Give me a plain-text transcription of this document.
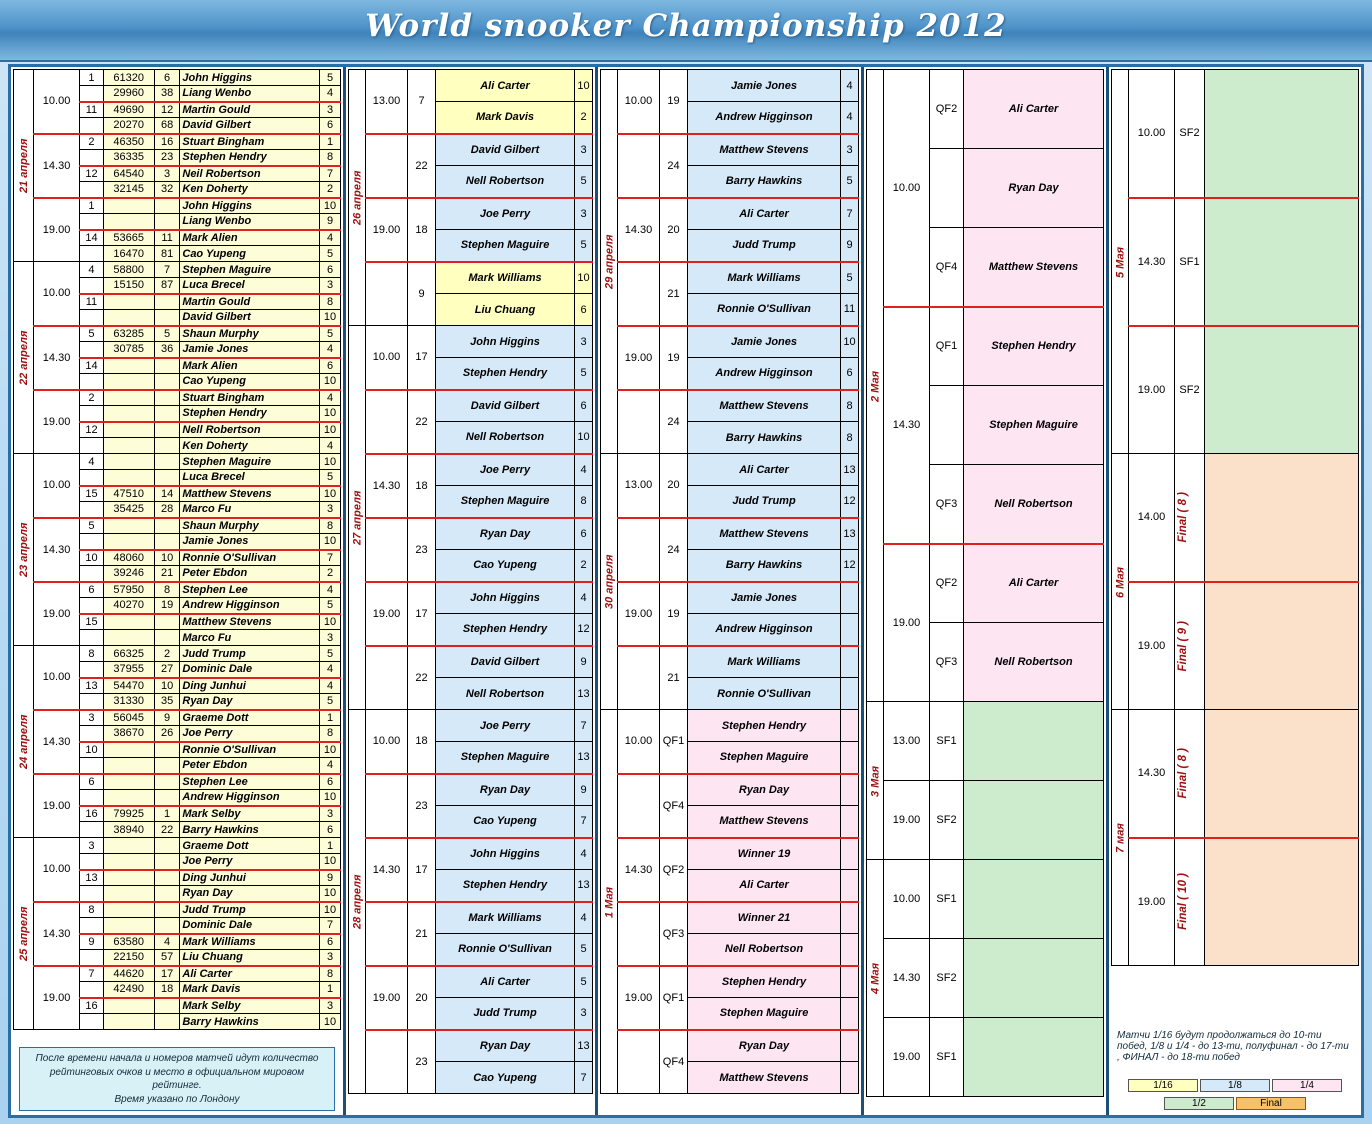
World snooker Championship 2012
21 апреля	10.00	1	61320	6	John Higgins	5
			29960	38	Liang Wenbo	4
		11	49690	12	Martin Gould	3
			20270	68	David Gilbert	6
	14.30	2	46350	16	Stuart Bingham	1
			36335	23	Stephen Hendry	8
		12	64540	3	Neil Robertson	7
			32145	32	Ken Doherty	2
	19.00	1			John Higgins	10
					Liang Wenbo	9
		14	53665	11	Mark Alien	4
			16470	81	Cao Yupeng	5
22 апреля	10.00	4	58800	7	Stephen Maguire	6
			15150	87	Luca Brecel	3
		11			Martin Gould	8
					David Gilbert	10
	14.30	5	63285	5	Shaun Murphy	5
			30785	36	Jamie Jones	4
		14			Mark Alien	6
					Cao Yupeng	10
	19.00	2			Stuart Bingham	4
					Stephen Hendry	10
		12			Nell Robertson	10
					Ken Doherty	4
23 апреля	10.00	4			Stephen Maguire	10
					Luca Brecel	5
		15	47510	14	Matthew Stevens	10
			35425	28	Marco Fu	3
	14.30	5			Shaun Murphy	8
					Jamie Jones	10
		10	48060	10	Ronnie O'Sullivan	7
			39246	21	Peter Ebdon	2
	19.00	6	57950	8	Stephen Lee	4
			40270	19	Andrew Higginson	5
		15			Matthew Stevens	10
					Marco Fu	3
24 апреля	10.00	8	66325	2	Judd Trump	5
			37955	27	Dominic Dale	4
		13	54470	10	Ding Junhui	4
			31330	35	Ryan Day	5
	14.30	3	56045	9	Graeme Dott	1
			38670	26	Joe Perry	8
		10			Ronnie O'Sullivan	10
					Peter Ebdon	4
	19.00	6			Stephen Lee	6
					Andrew Higginson	10
		16	79925	1	Mark Selby	3
			38940	22	Barry Hawkins	6
25 апреля	10.00	3			Graeme Dott	1
					Joe Perry	10
		13			Ding Junhui	9
					Ryan Day	10
	14.30	8			Judd Trump	10
					Dominic Dale	7
		9	63580	4	Mark Williams	6
			22150	57	Liu Chuang	3
	19.00	7	44620	17	Ali Carter	8
			42490	18	Mark Davis	1
		16			Mark Selby	3
					Barry Hawkins	10
После времени начала и номеров матчей идут количество рейтинговых очков и место в официальном мировом рейтинге.
Время указано по Лондону
26 апреля	13.00	7	Ali Carter	10
			Mark Davis	2
		22	David Gilbert	3
			Nell Robertson	5
	19.00	18	Joe Perry	3
			Stephen Maguire	5
		9	Mark Williams	10
			Liu Chuang	6
27 апреля	10.00	17	John Higgins	3
			Stephen Hendry	5
		22	David Gilbert	6
			Nell Robertson	10
	14.30	18	Joe Perry	4
			Stephen Maguire	8
		23	Ryan Day	6
			Cao Yupeng	2
	19.00	17	John Higgins	4
			Stephen Hendry	12
		22	David Gilbert	9
			Nell Robertson	13
28 апреля	10.00	18	Joe Perry	7
			Stephen Maguire	13
		23	Ryan Day	9
			Cao Yupeng	7
	14.30	17	John Higgins	4
			Stephen Hendry	13
		21	Mark Williams	4
			Ronnie O'Sullivan	5
	19.00	20	Ali Carter	5
			Judd Trump	3
		23	Ryan Day	13
			Cao Yupeng	7
29 апреля	10.00	19	Jamie Jones	4
			Andrew Higginson	4
		24	Matthew Stevens	3
			Barry Hawkins	5
	14.30	20	Ali Carter	7
			Judd Trump	9
		21	Mark Williams	5
			Ronnie O'Sullivan	11
	19.00	19	Jamie Jones	10
			Andrew Higginson	6
		24	Matthew Stevens	8
			Barry Hawkins	8
30 апреля	13.00	20	Ali Carter	13
			Judd Trump	12
		24	Matthew Stevens	13
			Barry Hawkins	12
	19.00	19	Jamie Jones	
			Andrew Higginson	
		21	Mark Williams	
			Ronnie O'Sullivan	
1 Мая	10.00	QF1	Stephen Hendry	
			Stephen Maguire	
		QF4	Ryan Day	
			Matthew Stevens	
	14.30	QF2	Winner 19	
			Ali Carter	
		QF3	Winner 21	
			Nell Robertson	
	19.00	QF1	Stephen Hendry	
			Stephen Maguire	
		QF4	Ryan Day	
			Matthew Stevens	
2 Мая	10.00	QF2	Ali Carter
			Ryan Day
		QF4	Matthew Stevens
	14.30	QF1	Stephen Hendry
			Stephen Maguire
		QF3	Nell Robertson
	19.00	QF2	Ali Carter
		QF3	Nell Robertson
3 Мая	13.00	SF1	
	19.00	SF2	
4 Мая	10.00	SF1	
	14.30	SF2	
	19.00	SF1	
5 Мая	10.00	SF2	
	14.30	SF1	
	19.00	SF2	
6 Мая	14.00	Final ( 8 )	

	19.00	Final ( 9 )	

7 мая	14.30	Final ( 8 )	

	19.00	Final ( 10 )	

Матчи 1/16 будут продолжаться до 10-ти побед, 1/8 и 1/4 - до 13-ти, полуфинал - до 17-ти , ФИНАЛ - до 18-ти побед
1/16	1/8	1/41/2	Final
